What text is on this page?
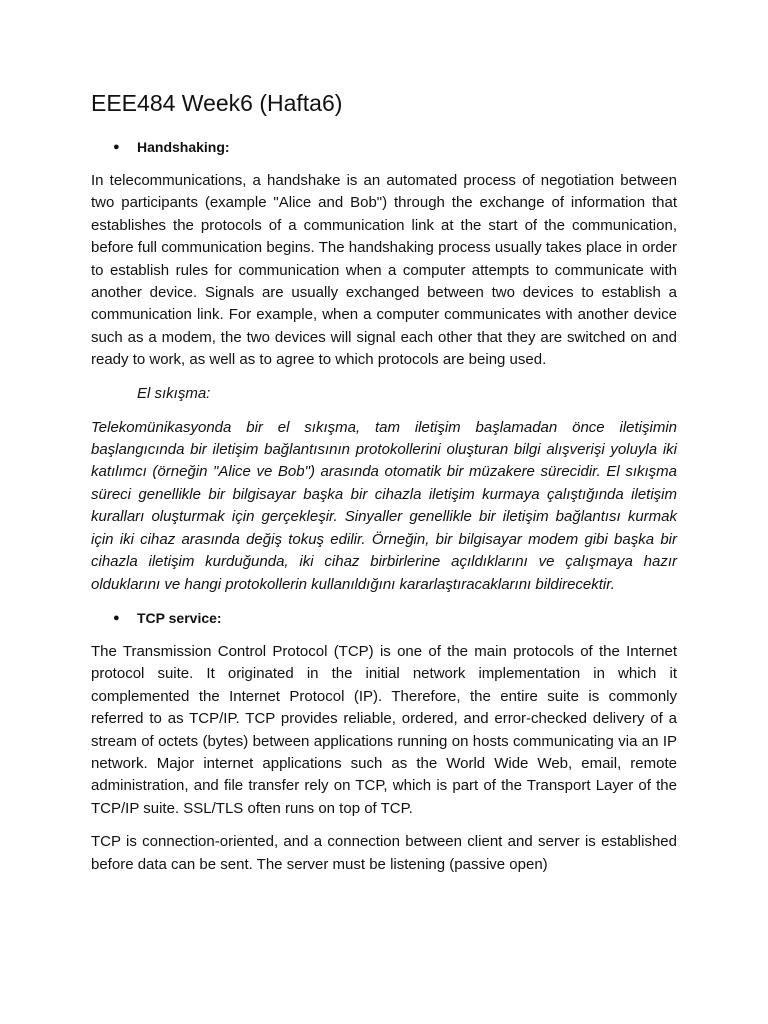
EEE484 Week6 (Hafta6)
● Handshaking:

In telecommunications, a handshake is an automated process of negotiation between two participants (example "Alice and Bob") through the exchange of information that establishes the protocols of a communication link at the start of the communication, before full communication begins. The handshaking process usually takes place in order to establish rules for communication when a computer attempts to communicate with another device. Signals are usually exchanged between two devices to establish a communication link. For example, when a computer communicates with another device such as a modem, the two devices will signal each other that they are switched on and ready to work, as well as to agree to which protocols are being used.

El sıkışma:

Telekomünikasyonda bir el sıkışma, tam iletişim başlamadan önce iletişimin başlangıcında bir iletişim bağlantısının protokollerini oluşturan bilgi alışverişi yoluyla iki katılımcı (örneğin "Alice ve Bob") arasında otomatik bir müzakere sürecidir. El sıkışma süreci genellikle bir bilgisayar başka bir cihazla iletişim kurmaya çalıştığında iletişim kuralları oluşturmak için gerçekleşir. Sinyaller genellikle bir iletişim bağlantısı kurmak için iki cihaz arasında değiş tokuş edilir. Örneğin, bir bilgisayar modem gibi başka bir cihazla iletişim kurduğunda, iki cihaz birbirlerine açıldıklarını ve çalışmaya hazır olduklarını ve hangi protokollerin kullanıldığını kararlaştıracaklarını bildirecektir.

● TCP service:

The Transmission Control Protocol (TCP) is one of the main protocols of the Internet protocol suite. It originated in the initial network implementation in which it complemented the Internet Protocol (IP). Therefore, the entire suite is commonly referred to as TCP/IP. TCP provides reliable, ordered, and error-checked delivery of a stream of octets (bytes) between applications running on hosts communicating via an IP network. Major internet applications such as the World Wide Web, email, remote administration, and file transfer rely on TCP, which is part of the Transport Layer of the TCP/IP suite. SSL/TLS often runs on top of TCP.

TCP is connection-oriented, and a connection between client and server is established before data can be sent. The server must be listening (passive open)
